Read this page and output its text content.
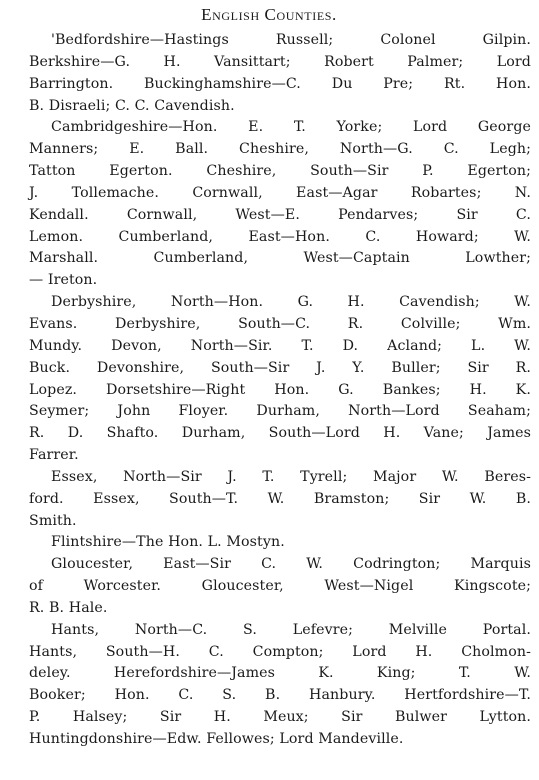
English Counties.
'Bedfordshire—Hastings Russell; Colonel Gilpin.
Berkshire—G. H. Vansittart; Robert Palmer; Lord
Barrington. Buckinghamshire—C. Du Pre; Rt. Hon.
B. Disraeli; C. C. Cavendish.
Cambridgeshire—Hon. E. T. Yorke; Lord George
Manners; E. Ball. Cheshire, North—G. C. Legh;
Tatton Egerton. Cheshire, South—Sir P. Egerton;
J. Tollemache. Cornwall, East—Agar Robartes; N.
Kendall. Cornwall, West—E. Pendarves; Sir C.
Lemon. Cumberland, East—Hon. C. Howard; W.
Marshall. Cumberland, West—Captain Lowther;
— Ireton.
Derbyshire, North—Hon. G. H. Cavendish; W.
Evans. Derbyshire, South—C. R. Colville; Wm.
Mundy. Devon, North—Sir. T. D. Acland; L. W.
Buck. Devonshire, South—Sir J. Y. Buller; Sir R.
Lopez. Dorsetshire—Right Hon. G. Bankes; H. K.
Seymer; John Floyer. Durham, North—Lord Seaham;
R. D. Shafto. Durham, South—Lord H. Vane; James
Farrer.
Essex, North—Sir J. T. Tyrell; Major W. Beres-
ford. Essex, South—T. W. Bramston; Sir W. B.
Smith.
Flintshire—The Hon. L. Mostyn.
Gloucester, East—Sir C. W. Codrington; Marquis
of Worcester. Gloucester, West—Nigel Kingscote;
R. B. Hale.
Hants, North—C. S. Lefevre; Melville Portal.
Hants, South—H. C. Compton; Lord H. Cholmon-
deley. Herefordshire—James K. King; T. W.
Booker; Hon. C. S. B. Hanbury. Hertfordshire—T.
P. Halsey; Sir H. Meux; Sir Bulwer Lytton.
Huntingdonshire—Edw. Fellowes; Lord Mandeville.
